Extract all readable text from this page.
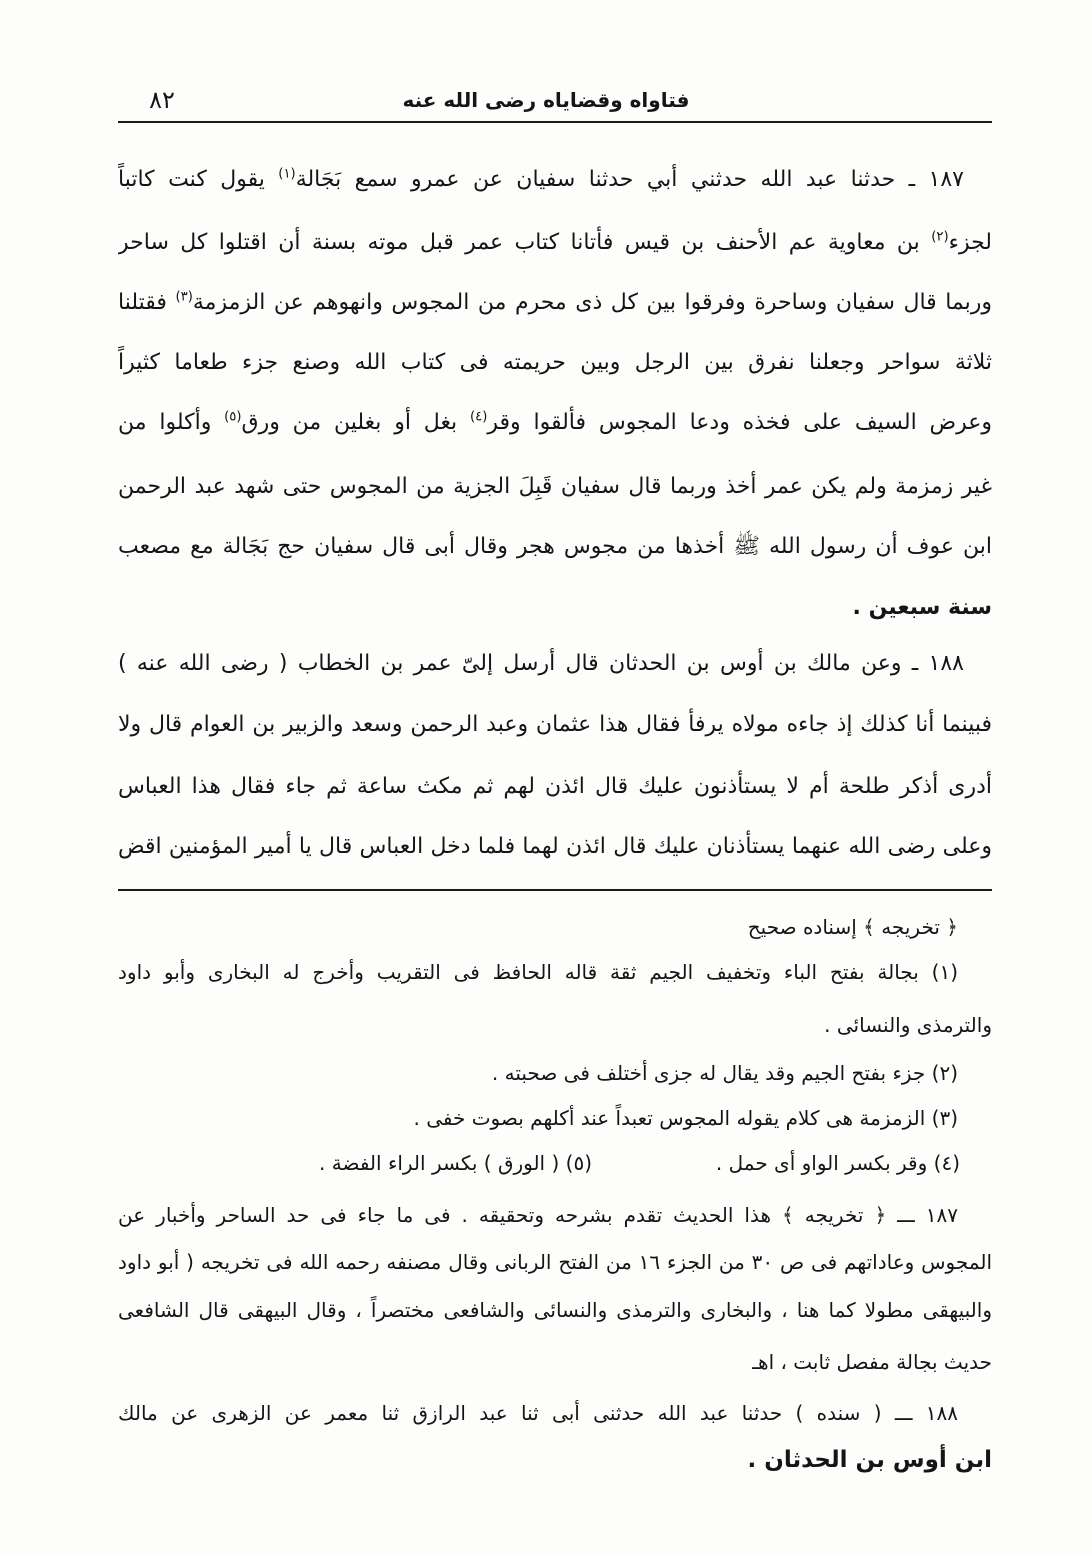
فتاواه وقضاياه رضى الله عنه
٨٢
١٨٧ ـ حدثنا عبد الله حدثني أبي حدثنا سفيان عن عمرو سمع بَجَالة$^{(١)}$ يقول كنت كاتباً
لجزء$^{(٢)}$ بن معاوية عم الأحنف بن قيس فأتانا كتاب عمر قبل موته بسنة أن اقتلوا كل ساحر
وربما قال سفيان وساحرة وفرقوا بين كل ذى محرم من المجوس وانهوهم عن الزمزمة$^{(٣)}$ فقتلنا
ثلاثة سواحر وجعلنا نفرق بين الرجل وبين حريمته فى كتاب الله وصنع جزء طعاما كثيراً
وعرض السيف على فخذه ودعا المجوس فألقوا وقر$^{(٤)}$ بغل أو بغلين من ورق$^{(٥)}$ وأكلوا من
غير زمزمة ولم يكن عمر أخذ وربما قال سفيان قَبِلَ الجزية من المجوس حتى شهد عبد الرحمن
ابن عوف أن رسول الله ﷺ أخذها من مجوس هجر وقال أبى قال سفيان حج بَجَالة مع مصعب
سنة سبعين .
١٨٨ ـ وعن مالك بن أوس بن الحدثان قال أرسل إلىّ عمر بن الخطاب ( رضى الله عنه )
فبينما أنا كذلك إذ جاءه مولاه يرفأ فقال هذا عثمان وعبد الرحمن وسعد والزبير بن العوام قال ولا
أدرى أذكر طلحة أم لا يستأذنون عليك قال ائذن لهم ثم مكث ساعة ثم جاء فقال هذا العباس
وعلى رضى الله عنهما يستأذنان عليك قال ائذن لهما فلما دخل العباس قال يا أمير المؤمنين اقض
﴿ تخريجه ﴾ إسناده صحيح
(١) بجالة بفتح الباء وتخفيف الجيم ثقة قاله الحافظ فى التقريب وأخرج له البخارى وأبو داود
والترمذى والنسائى .
(٢) جزء بفتح الجيم وقد يقال له جزى أختلف فى صحبته .
(٣) الزمزمة هى كلام يقوله المجوس تعبداً عند أكلهم بصوت خفى .
(٤) وقر بكسر الواو أى حمل .
(٥) ( الورق ) بكسر الراء الفضة .
١٨٧ ـــ ﴿ تخريجه ﴾ هذا الحديث تقدم بشرحه وتحقيقه . فى ما جاء فى حد الساحر وأخبار عن
المجوس وعاداتهم فى ص ٣٠ من الجزء ١٦ من الفتح الربانى وقال مصنفه رحمه الله فى تخريجه ( أبو داود
والبيهقى مطولا كما هنا ، والبخارى والترمذى والنسائى والشافعى مختصراً ، وقال البيهقى قال الشافعى
حديث بجالة مفصل ثابت ، اهـ
١٨٨ ـــ ( سنده ) حدثنا عبد الله حدثنى أبى ثنا عبد الرازق ثنا معمر عن الزهرى عن مالك
ابن أوس بن الحدثان .
